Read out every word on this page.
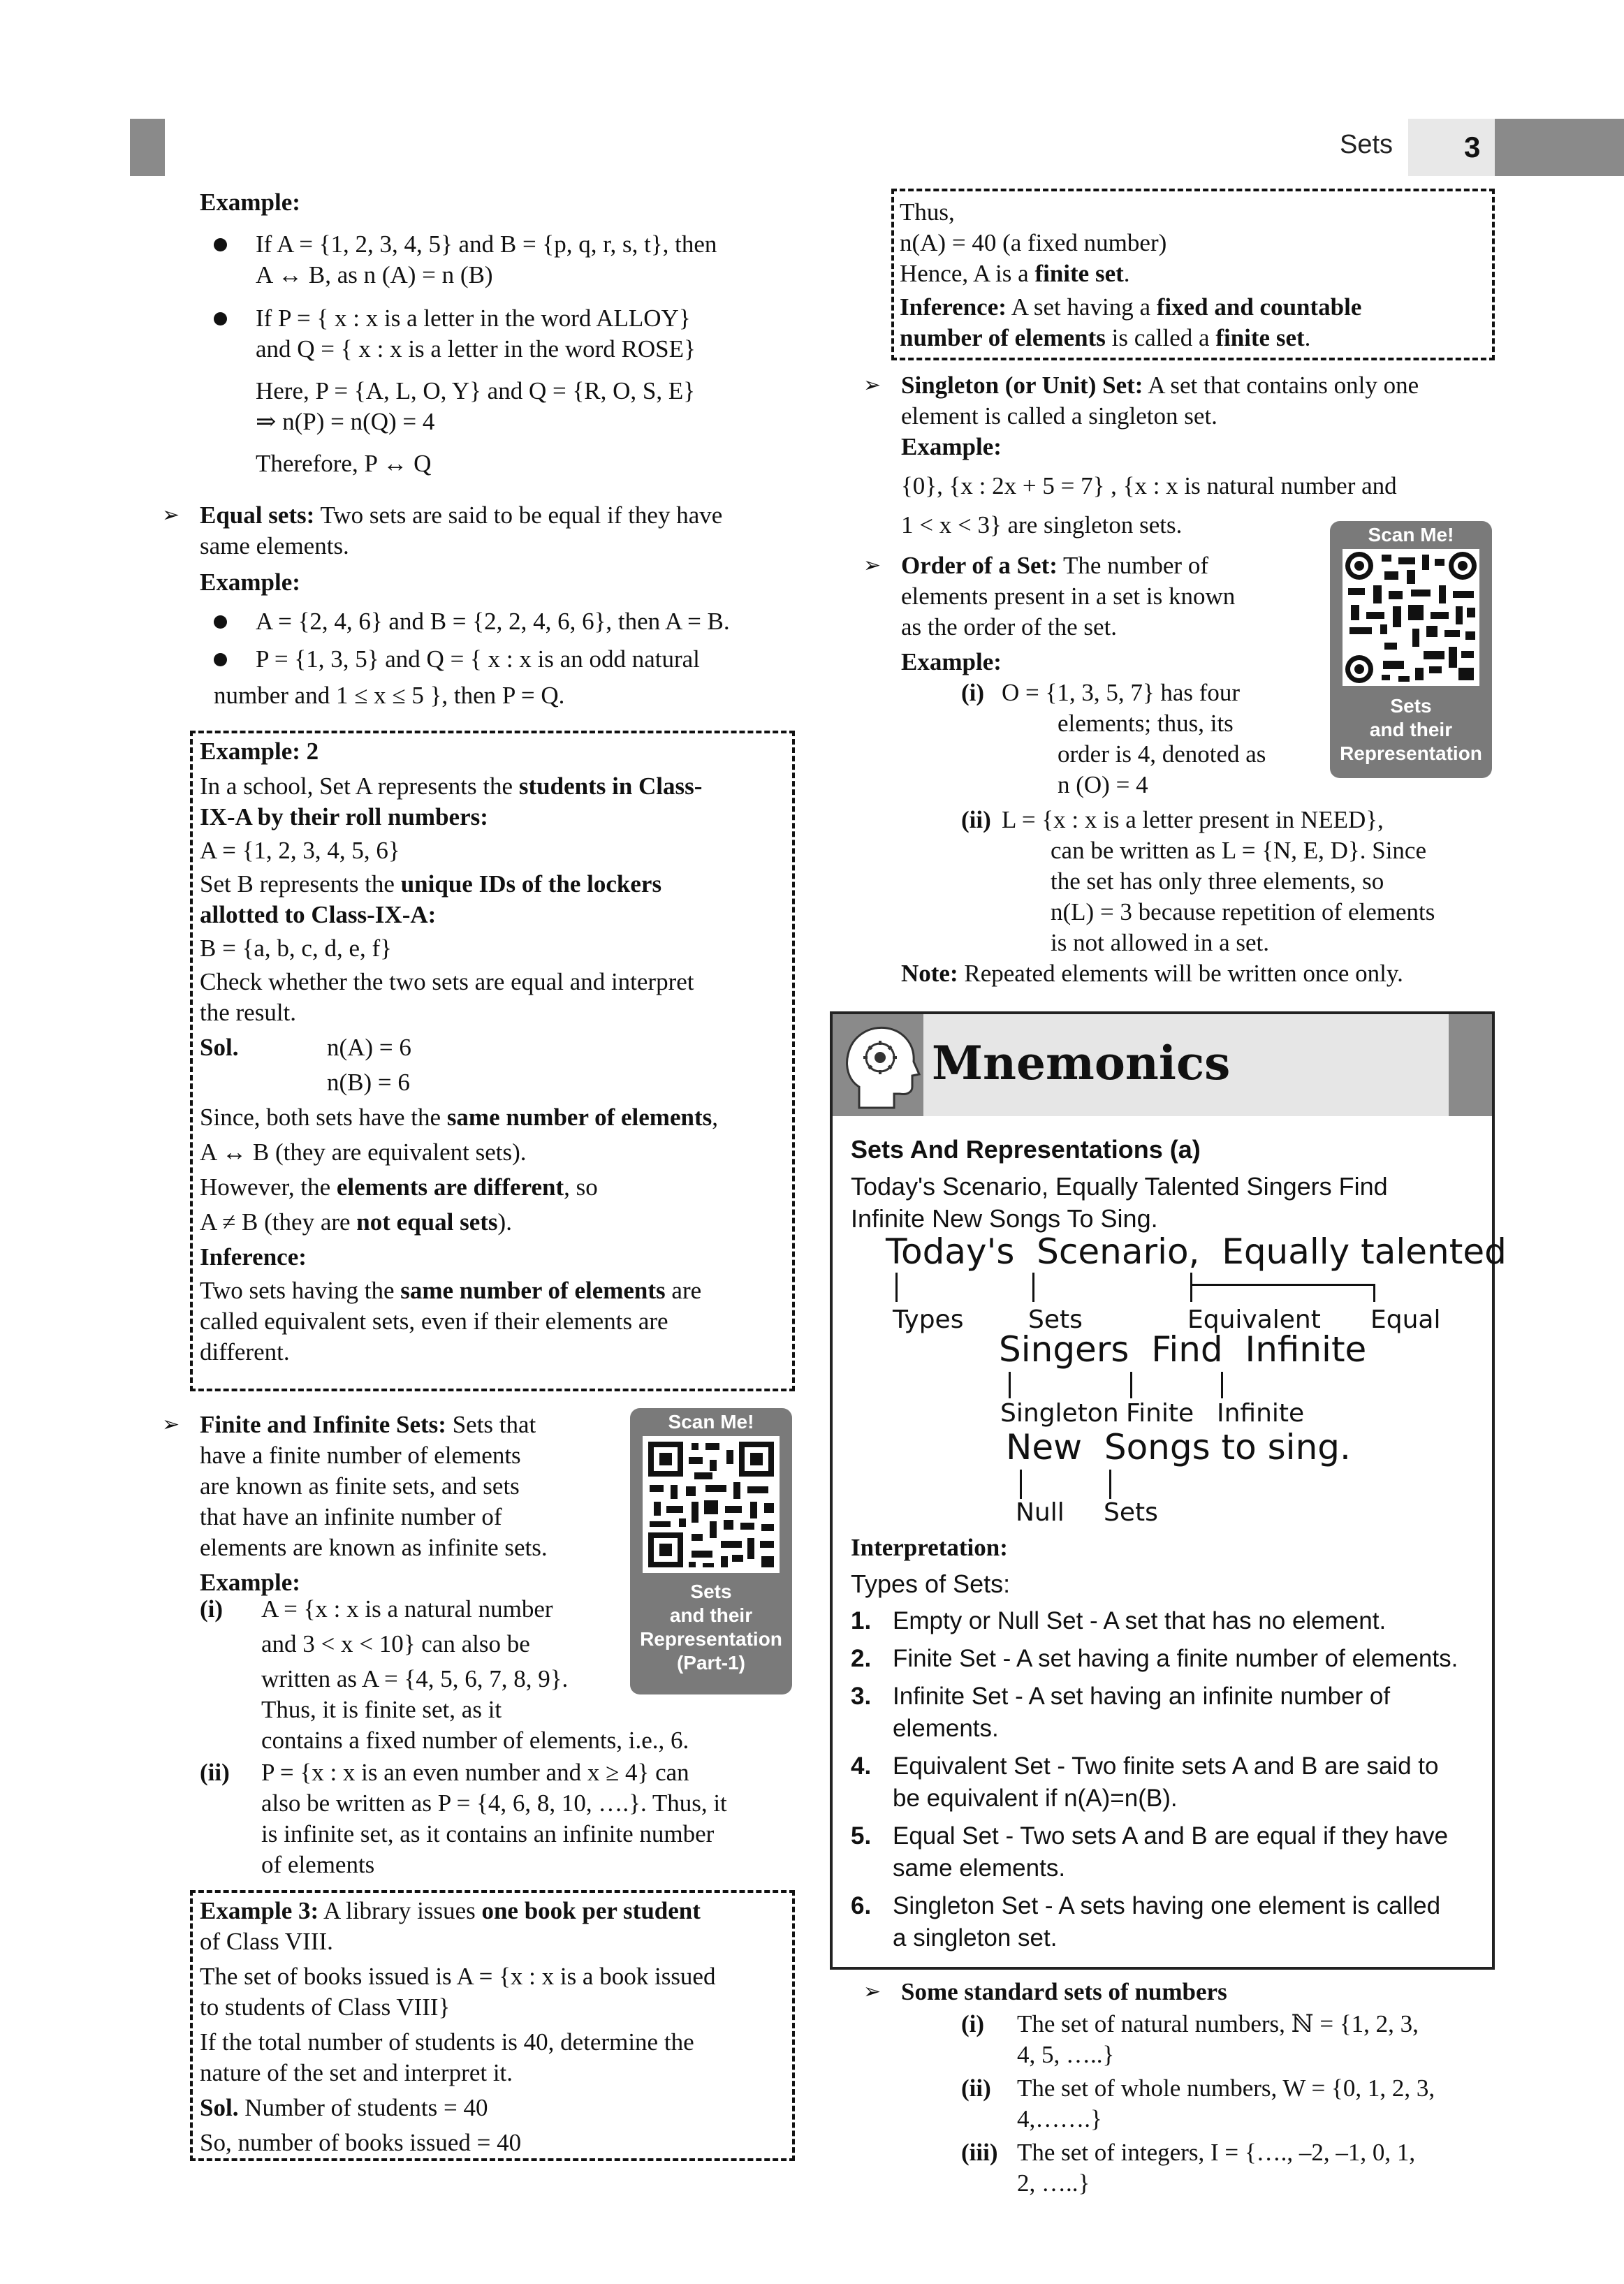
Sets 3
Example:
If A = {1, 2, 3, 4, 5} and B = {p, q, r, s, t}, then
A ↔ B, as n (A) = n (B)
If P = { x : x is a letter in the word ALLOY}
and Q = { x : x is a letter in the word ROSE}
Here, P = {A, L, O, Y} and Q = {R, O, S, E}
⇒ n(P) = n(Q) = 4
Therefore, P ↔ Q
➢ Equal sets: Two sets are said to be equal if they have
same elements.
Example:
A = {2, 4, 6} and B = {2, 2, 4, 6, 6}, then A = B.
P = {1, 3, 5} and Q = { x : x is an odd natural
number and 1 ≤ x ≤ 5 }, then P = Q.
Example: 2
In a school, Set A represents the students in Class-
IX-A by their roll numbers:
A = {1, 2, 3, 4, 5, 6}
Set B represents the unique IDs of the lockers
allotted to Class-IX-A:
B = {a, b, c, d, e, f}
Check whether the two sets are equal and interpret
the result.
Sol.	n(A) = 6
n(B) = 6
Since, both sets have the same number of elements,
A ↔ B (they are equivalent sets).
However, the elements are different, so
A ≠ B (they are not equal sets).
Inference:
Two sets having the same number of elements are
called equivalent sets, even if their elements are
different.
➢ Finite and Infinite Sets: Sets that
have a finite number of elements
are known as finite sets, and sets
that have an infinite number of
elements are known as infinite sets.
Example:
(i) A = {x : x is a natural number
and 3 < x < 10} can also be
written as A = {4, 5, 6, 7, 8, 9}.
Thus, it is finite set, as it
contains a fixed number of elements, i.e., 6.
(ii) P = {x : x is an even number and x ≥ 4} can
also be written as P = {4, 6, 8, 10, ….}. Thus, it
is infinite set, as it contains an infinite number
of elements
Scan Me!
Sets
and their
Representation
(Part-1)
Example 3: A library issues one book per student
of Class VIII.
The set of books issued is A = {x : x is a book issued
to students of Class VIII}
If the total number of students is 40, determine the
nature of the set and interpret it.
Sol. Number of students = 40
So, number of books issued = 40
Thus,
n(A) = 40 (a fixed number)
Hence, A is a finite set.
Inference: A set having a fixed and countable
number of elements is called a finite set.
➢ Singleton (or Unit) Set: A set that contains only one
element is called a singleton set.
Example:
{0}, {x : 2x + 5 = 7} , {x : x is natural number and
1 < x < 3} are singleton sets.
➢ Order of a Set: The number of
elements present in a set is known
as the order of the set.
Example:
(i) O = {1, 3, 5, 7} has four
elements; thus, its
order is 4, denoted as
n (O) = 4
(ii) L = {x : x is a letter present in NEED},
can be written as L = {N, E, D}. Since
the set has only three elements, so
n(L) = 3 because repetition of elements
is not allowed in a set.
Note: Repeated elements will be written once only.
Scan Me!
Sets
and their
Representation
Mnemonics
Sets And Representations (a)
Today's Scenario, Equally Talented Singers Find
Infinite New Songs To Sing.
Today's  Scenario,  Equally talented
Types	Sets	Equivalent Equal
Singers  Find  Infinite
Singleton Finite Infinite
New  Songs to sing.
Null Sets
Interpretation:
Types of Sets:
1. Empty or Null Set - A set that has no element.
2. Finite Set - A set having a finite number of elements.
3. Infinite Set - A set having an infinite number of
elements.
4. Equivalent Set - Two finite sets A and B are said to
be equivalent if n(A)=n(B).
5. Equal Set - Two sets A and B are equal if they have
same elements.
6. Singleton Set - A sets having one element is called
a singleton set.
➢ Some standard sets of numbers
(i) The set of natural numbers, ℕ = {1, 2, 3,
4, 5, …..}
(ii) The set of whole numbers, W = {0, 1, 2, 3,
4,…….}
(iii) The set of integers, I = {…., –2, –1, 0, 1,
2, …..}
